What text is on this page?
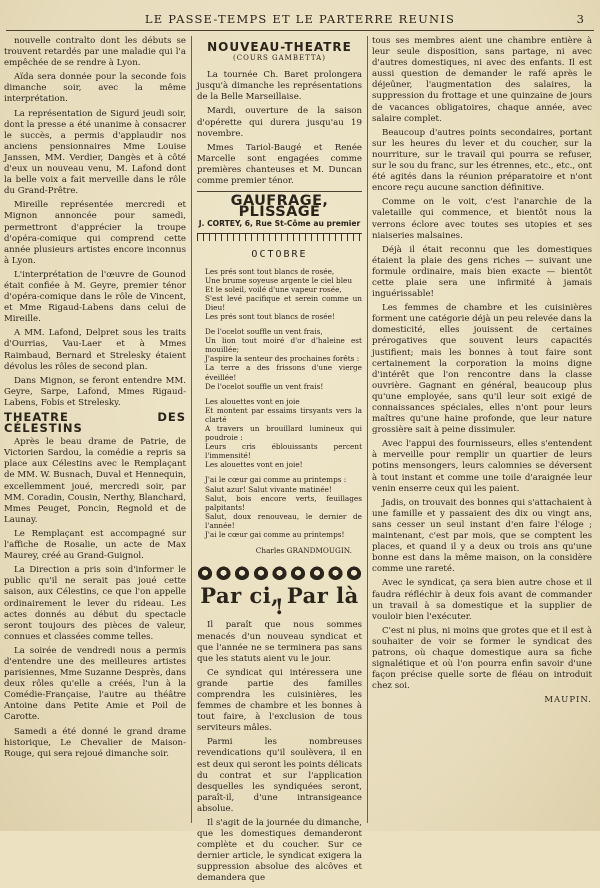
LE PASSE-TEMPS ET LE PARTERRE REUNIS	3

nouvelle contralto dont les débuts se trouvent retardés par une maladie qui l'a empêchée de se rendre à Lyon.

Aïda sera donnée pour la seconde fois dimanche soir, avec la même interprétation.

La représentation de Sigurd jeudi soir, dont la presse a été unanime à consacrer le succès, a permis d'applaudir nos anciens pensionnaires Mme Louise Janssen, MM. Verdier, Dangès et à côté d'eux un nouveau venu, M. Lafond dont la belle voix a fait merveille dans le rôle du Grand-Prêtre.

Mireille représentée mercredi et Mignon annoncée pour samedi, permettront d'apprécier la troupe d'opéra-comique qui comprend cette année plusieurs artistes encore inconnus à Lyon.

L'interprétation de l'œuvre de Gounod était confiée à M. Geyre, premier ténor d'opéra-comique dans le rôle de Vincent, et Mme Rigaud-Labens dans celui de Mireille.

A MM. Lafond, Delpret sous les traits d'Ourrias, Vau-Laer et à Mmes Raimbaud, Bernard et Strelesky étaient dévolus les rôles de second plan.

Dans Mignon, se feront entendre MM. Geyre, Sarpe, Lafond, Mmes Rigaud-Labens, Fobis et Strelesky.

THEATRE DES CÉLESTINS

Après le beau drame de Patrie, de Victorien Sardou, la comédie a repris sa place aux Célestins avec le Remplaçant de MM. W. Busnach, Duval et Hennequin, excellemment joué, mercredi soir, par MM. Coradin, Cousin, Nerthy, Blanchard, Mmes Peuget, Poncin, Regnold et de Launay.

Le Remplaçant est accompagné sur l'affiche de Rosalie, un acte de Max Maurey, créé au Grand-Guignol.

La Direction a pris soin d'informer le public qu'il ne serait pas joué cette saison, aux Célestins, ce que l'on appelle ordinairement le lever du rideau. Les actes donnés au début du spectacle seront toujours des pièces de valeur, connues et classées comme telles.

La soirée de vendredi nous a permis d'entendre une des meilleures artistes parisiennes, Mme Suzanne Desprès, dans deux rôles qu'elle a créés, l'un à la Comédie-Française, l'autre au théâtre Antoine dans Petite Amie et Poil de Carotte.

Samedi a été donné le grand drame historique, Le Chevalier de Maison-Rouge, qui sera rejoué dimanche soir.

NOUVEAU-THEATRE
(COURS GAMBETTA)

La tournée Ch. Baret prolongera jusqu'à dimanche les représentations de la Belle Marseillaise.

Mardi, ouverture de la saison d'opérette qui durera jusqu'au 19 novembre.

Mmes Tariol-Baugé et Renée Marcelle sont engagées comme premières chanteuses et M. Duncan comme premier ténor.

GAUFRAGE, PLISSAGE
J. CORTEY, 6, Rue St-Côme au premier
OCTOBRE
Les prés sont tout blancs de rosée,
Une brume soyeuse argente le ciel bleu
Et le soleil, voilé d'une vapeur rosée,
S'est levé pacifique et serein comme un Dieu!
Les prés sont tout blancs de rosée!
De l'ocelot souffle un vent frais,
Un lion tout moiré d'or d'haleine est mouillée;
J'aspire la senteur des prochaines forêts :
La terre a des frissons d'une vierge éveillée!
De l'ocelot souffle un vent frais!
Les alouettes vont en joie
Et montent par essaims tirsyants vers la clarté
A travers un brouillard lumineux qui poudroie :
Leurs cris éblouissants percent l'immensité!
Les alouettes vont en joie!
J'ai le cœur gai comme au printemps :
Salut azur! Salut vivante matinée!
Salut, bois encore verts, feuillages palpitants!
Salut, doux renouveau, le dernier de l'année!
J'ai le cœur gai comme au printemps!
Charles GRANDMOUGIN.
Par ci, Par là !

Il paraît que nous sommes menacés d'un nouveau syndicat et que l'année ne se terminera pas sans que les statuts aient vu le jour.

Ce syndicat qui intéressera une grande partie des familles comprendra les cuisinières, les femmes de chambre et les bonnes à tout faire, à l'exclusion de tous serviteurs mâles.

Parmi les nombreuses revendications qu'il soulèvera, il en est deux qui seront les points délicats du contrat et sur l'application desquelles les syndiquées seront, paraît-il, d'une intransigeance absolue.

Il s'agit de la journée du dimanche, que les domestiques demanderont complète et du coucher. Sur ce dernier article, le syndicat exigera la suppression absolue des alcôves et demandera que

tous ses membres aient une chambre entière à leur seule disposition, sans partage, ni avec d'autres domestiques, ni avec des enfants. Il est aussi question de demander le rafé après le déjeûner, l'augmentation des salaires, la suppression du frottage et une quinzaine de jours de vacances obligatoires, chaque année, avec salaire complet.

Beaucoup d'autres points secondaires, portant sur les heures du lever et du coucher, sur la nourriture, sur le travail qui pourra se refuser, sur le sou du franc, sur les étrennes, etc., etc., ont été agités dans la réunion préparatoire et n'ont encore reçu aucune sanction définitive.

Comme on le voit, c'est l'anarchie de la valetaille qui commence, et bientôt nous la verrons éclore avec toutes ses utopies et ses niaiseries malsaines.

Déjà il était reconnu que les domestiques étaient la plaie des gens riches — suivant une formule ordinaire, mais bien exacte — bientôt cette plaie sera une infirmité à jamais inguérissable!

Les femmes de chambre et les cuisinières forment une catégorie déjà un peu relevée dans la domesticité, elles jouissent de certaines prérogatives que souvent leurs capacités justifient; mais les bonnes à tout faire sont certainement la corporation la moins digne d'intérêt que l'on rencontre dans la classe ouvrière. Gagnant en général, beaucoup plus qu'une employée, sans qu'il leur soit exigé de connaissances spéciales, elles n'ont pour leurs maîtres qu'une haine profonde, que leur nature grossière sait à peine dissimuler.

Avec l'appui des fournisseurs, elles s'entendent à merveille pour remplir un quartier de leurs potins mensongers, leurs calomnies se déversent à tout instant et comme une toile d'araignée leur venin enserre ceux qui les paient.

Jadis, on trouvait des bonnes qui s'attachaient à une famille et y passaient des dix ou vingt ans, sans cesser un seul instant d'en faire l'éloge ; maintenant, c'est par mois, que se comptent les places, et quand il y a deux ou trois ans qu'une bonne est dans la même maison, on la considère comme une rareté.

Avec le syndicat, ça sera bien autre chose et il faudra réfléchir à deux fois avant de commander un travail à sa domestique et la supplier de vouloir bien l'exécuter.

C'est ni plus, ni moins que grotes que et il est à souhaiter de voir se former le syndicat des patrons, où chaque domestique aura sa fiche signalétique et où l'on pourra enfin savoir d'une façon précise quelle sorte de fléau on introduit chez soi.

MAUPIN.
